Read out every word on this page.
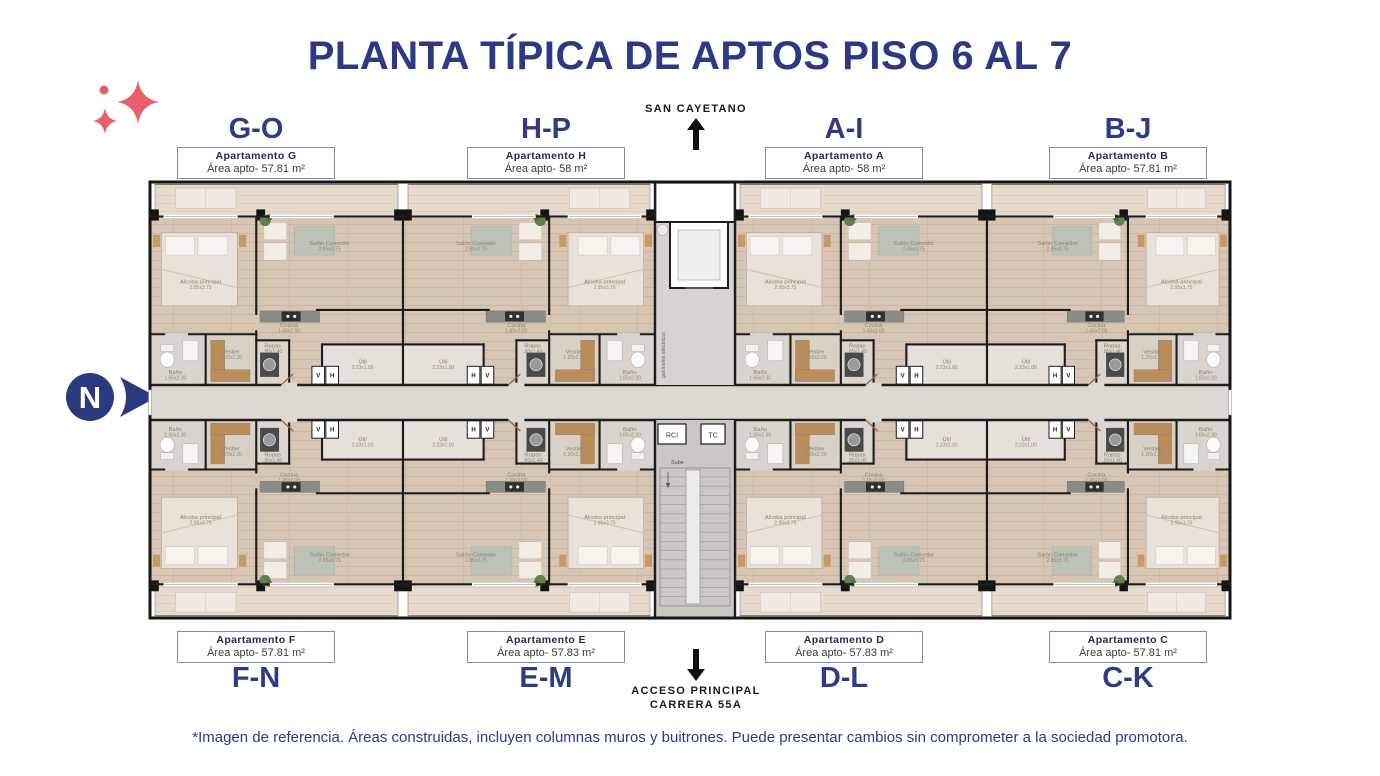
PLANTA TÍPICA DE APTOS PISO 6 AL 7
SAN CAYETANO
G-O	H-P	A-I	B-J
Apartamento G
Área apto- 57.81 m²
Apartamento H
Área apto- 58 m²
Apartamento A
Área apto- 58 m²
Apartamento B
Área apto- 57.81 m²
N
V H
Alcoba principal
2.95x3.75
Salón Comedor
2.85x3.75
Cocina
1.65x2.00
Vestier
1.20x2.20
Útil
2.23x1.00
Ropas
.80x1.40
Baño
1.65x2.30	V
H
Alcoba principal
2.95x3.75
Salón Comedor
2.85x3.75
Cocina
1.65x2.00
Vestier
1.20x2.20
Útil
2.23x1.00
Ropas
.80x1.40
Baño
1.65x2.30	V H
Alcoba principal
2.95x3.75
Salón Comedor
2.85x3.75
Cocina
1.65x2.00
Vestier
1.20x2.20
Útil
2.23x1.00
Ropas
.80x1.40
Baño
1.65x2.30	V
H
Alcoba principal
2.95x3.75
Salón Comedor
2.85x3.75
Cocina
1.65x2.00
Vestier
1.20x2.20
Útil
2.23x1.00
Ropas
.80x1.40
Baño
1.65x2.30
V H
Alcoba principal
2.95x3.75
Salón Comedor
2.85x3.75
Cocina
1.65x2.00
Vestier
1.20x2.20
Útil
2.23x1.00
Ropas
.80x1.40
Baño
1.65x2.30
V
H
Alcoba principal
2.95x3.75
Salón Comedor
2.85x3.75
Cocina
1.65x2.00
Vestier
1.20x2.20
Útil
2.23x1.00
Ropas
.80x1.40
Baño
1.65x2.30
V H
Alcoba principal
2.95x3.75
Salón Comedor
2.85x3.75
Cocina
1.65x2.00
Vestier
1.20x2.20
Útil
2.23x1.00
Ropas
.80x1.40
Baño
1.65x2.30
V
H
Alcoba principal
2.95x3.75
Salón Comedor
2.85x3.75
Cocina
1.65x2.00
Vestier
1.20x2.20
Útil
2.23x1.00
Ropas
.80x1.40
Baño
1.65x2.30
gabinetes eléctricos
RCI	TC
Sube
Apartamento F
Área apto- 57.81 m²
Apartamento E
Área apto- 57.83 m²
Apartamento D
Área apto- 57.83 m²
Apartamento C
Área apto- 57.81 m²
F-N	E-M	D-L	C-K
ACCESO PRINCIPAL
CARRERA 55A
*Imagen de referencia. Áreas construidas, incluyen columnas muros y buitrones. Puede presentar cambios sin comprometer a la sociedad promotora.
